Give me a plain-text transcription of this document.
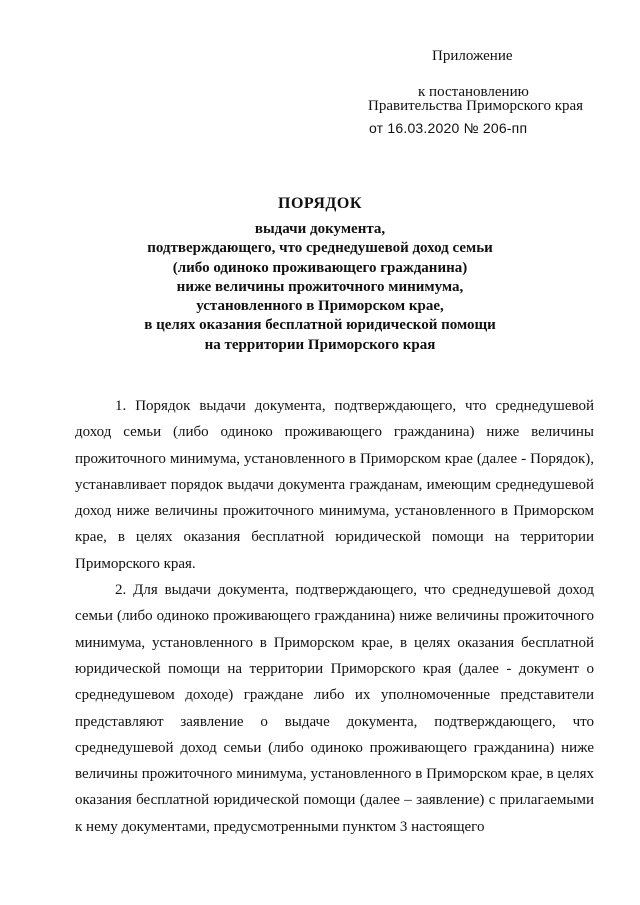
Приложение
к постановлению
Правительства Приморского края
от 16.03.2020 № 206-пп
ПОРЯДОК
выдачи документа,
подтверждающего, что среднедушевой доход семьи
(либо одиноко проживающего гражданина)
ниже величины прожиточного минимума,
установленного в Приморском крае,
в целях оказания бесплатной юридической помощи
на территории Приморского края

1. Порядок выдачи документа, подтверждающего, что среднедушевой доход семьи (либо одиноко проживающего гражданина) ниже величины прожиточного минимума, установленного в Приморском крае (далее - Порядок), устанавливает порядок выдачи документа гражданам, имеющим среднедушевой доход ниже величины прожиточного минимума, установленного в Приморском крае, в целях оказания бесплатной юридической помощи на территории Приморского края.

2. Для выдачи документа, подтверждающего, что среднедушевой доход семьи (либо одиноко проживающего гражданина) ниже величины прожиточного минимума, установленного в Приморском крае, в целях оказания бесплатной юридической помощи на территории Приморского края (далее - документ о среднедушевом доходе) граждане либо их уполномоченные представители представляют заявление о выдаче документа, подтверждающего, что среднедушевой доход семьи (либо одиноко проживающего гражданина) ниже величины прожиточного минимума, установленного в Приморском крае, в целях оказания бесплатной юридической помощи (далее – заявление) с прилагаемыми к нему документами, предусмотренными пунктом 3 настоящего
